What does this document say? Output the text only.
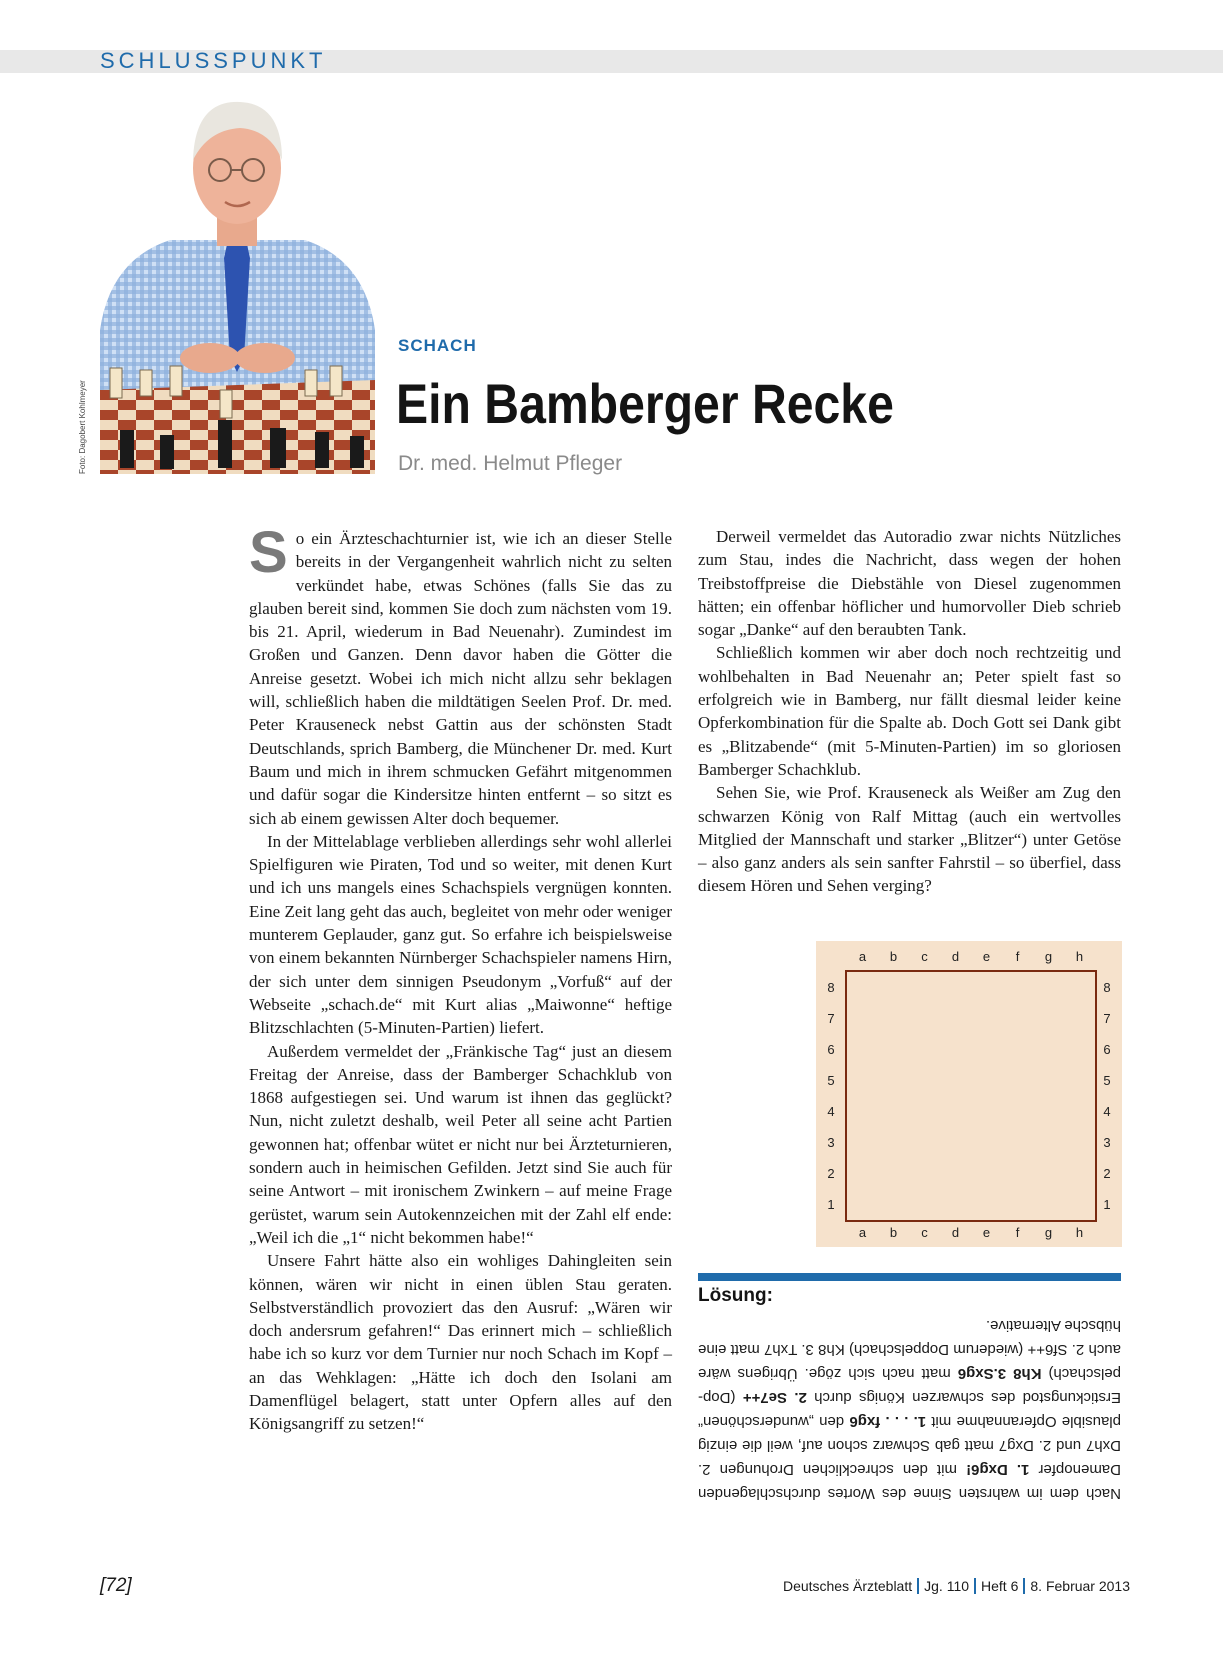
SCHLUSSPUNKT
Foto: Dagobert Kohlmeyer
SCHACH
Ein Bamberger Recke
Dr. med. Helmut Pfleger

So ein Ärzteschachturnier ist, wie ich an dieser Stelle bereits in der Vergangenheit wahrlich nicht zu selten verkündet habe, etwas Schönes (falls Sie das zu glauben bereit sind, kommen Sie doch zum nächsten vom 19. bis 21. April, wiederum in Bad Neuenahr). Zumindest im Großen und Ganzen. Denn davor haben die Götter die Anreise gesetzt. Wobei ich mich nicht allzu sehr beklagen will, schließlich haben die mildtätigen Seelen Prof. Dr. med. Peter Krauseneck nebst Gattin aus der schönsten Stadt Deutschlands, sprich Bamberg, die Münchener Dr. med. Kurt Baum und mich in ihrem schmucken Gefährt mitgenommen und dafür sogar die Kindersitze hinten entfernt – so sitzt es sich ab einem gewissen Alter doch bequemer.

In der Mittelablage verblieben allerdings sehr wohl allerlei Spielfiguren wie Piraten, Tod und so weiter, mit denen Kurt und ich uns mangels eines Schachspiels vergnügen konnten. Eine Zeit lang geht das auch, begleitet von mehr oder weniger munterem Geplauder, ganz gut. So erfahre ich beispielsweise von einem bekannten Nürnberger Schachspieler namens Hirn, der sich unter dem sinnigen Pseudonym „Vorfuß“ auf der Webseite „schach.de“ mit Kurt alias „Maiwonne“ heftige Blitzschlachten (5-Minuten-Partien) liefert.

Außerdem vermeldet der „Fränkische Tag“ just an diesem Freitag der Anreise, dass der Bamberger Schachklub von 1868 aufgestiegen sei. Und warum ist ihnen das geglückt? Nun, nicht zuletzt deshalb, weil Peter all seine acht Partien gewonnen hat; offenbar wütet er nicht nur bei Ärzteturnieren, sondern auch in heimischen Gefilden. Jetzt sind Sie auch für seine Antwort – mit ironischem Zwinkern – auf meine Frage gerüstet, warum sein Autokennzeichen mit der Zahl elf ende: „Weil ich die „1“ nicht bekommen habe!“

Unsere Fahrt hätte also ein wohliges Dahingleiten sein können, wären wir nicht in einen üblen Stau geraten. Selbstverständlich provoziert das den Ausruf: „Wären wir doch andersrum gefahren!“ Das erinnert mich – schließlich habe ich so kurz vor dem Turnier nur noch Schach im Kopf – an das Wehklagen: „Hätte ich doch den Isolani am Damenflügel belagert, statt unter Opfern alles auf den Königsangriff zu setzen!“

Derweil vermeldet das Autoradio zwar nichts Nützliches zum Stau, indes die Nachricht, dass wegen der hohen Treibstoffpreise die Diebstähle von Diesel zugenommen hätten; ein offenbar höflicher und humorvoller Dieb schrieb sogar „Danke“ auf den beraubten Tank.

Schließlich kommen wir aber doch noch rechtzeitig und wohlbehalten in Bad Neuenahr an; Peter spielt fast so erfolgreich wie in Bamberg, nur fällt diesmal leider keine Opferkombination für die Spalte ab. Doch Gott sei Dank gibt es „Blitzabende“ (mit 5-Minuten-Partien) im so gloriosen Bamberger Schachklub.

Sehen Sie, wie Prof. Krauseneck als Weißer am Zug den schwarzen König von Ralf Mittag (auch ein wertvolles Mitglied der Mannschaft und starker „Blitzer“) unter Getöse – also ganz anders als sein sanfter Fahrstil – so überfiel, dass diesem Hören und Sehen verging?

a
a
b
b
c
c
d
d
e
e
f
f
g
g
h
h
8	8
7	7
6	6
5	5
4	4
3	3
2	2
1	1
Lösung:

Nach dem im wahrsten Sinne des Wortes durchschlagenden Damenopfer 1. Dxg6! mit den schrecklichen Drohungen 2. Dxh7 und 2. Dxg7 matt gab Schwarz schon auf, weil die einzig plausible Opferannahme mit 1. . . . fxg6 den „wunderschönen“ Erstickungstod des schwarzen Königs durch 2. Se7++ (Doppelschach) Kh8 3.Sxg6 matt nach sich zöge. Übrigens wäre auch 2. Sf6++ (wiederum Doppelschach) Kh8 3. Txh7 matt eine hübsche Alternative.

[72]	Deutsches Ärzteblatt Jg. 110 Heft 6 8. Februar 2013
